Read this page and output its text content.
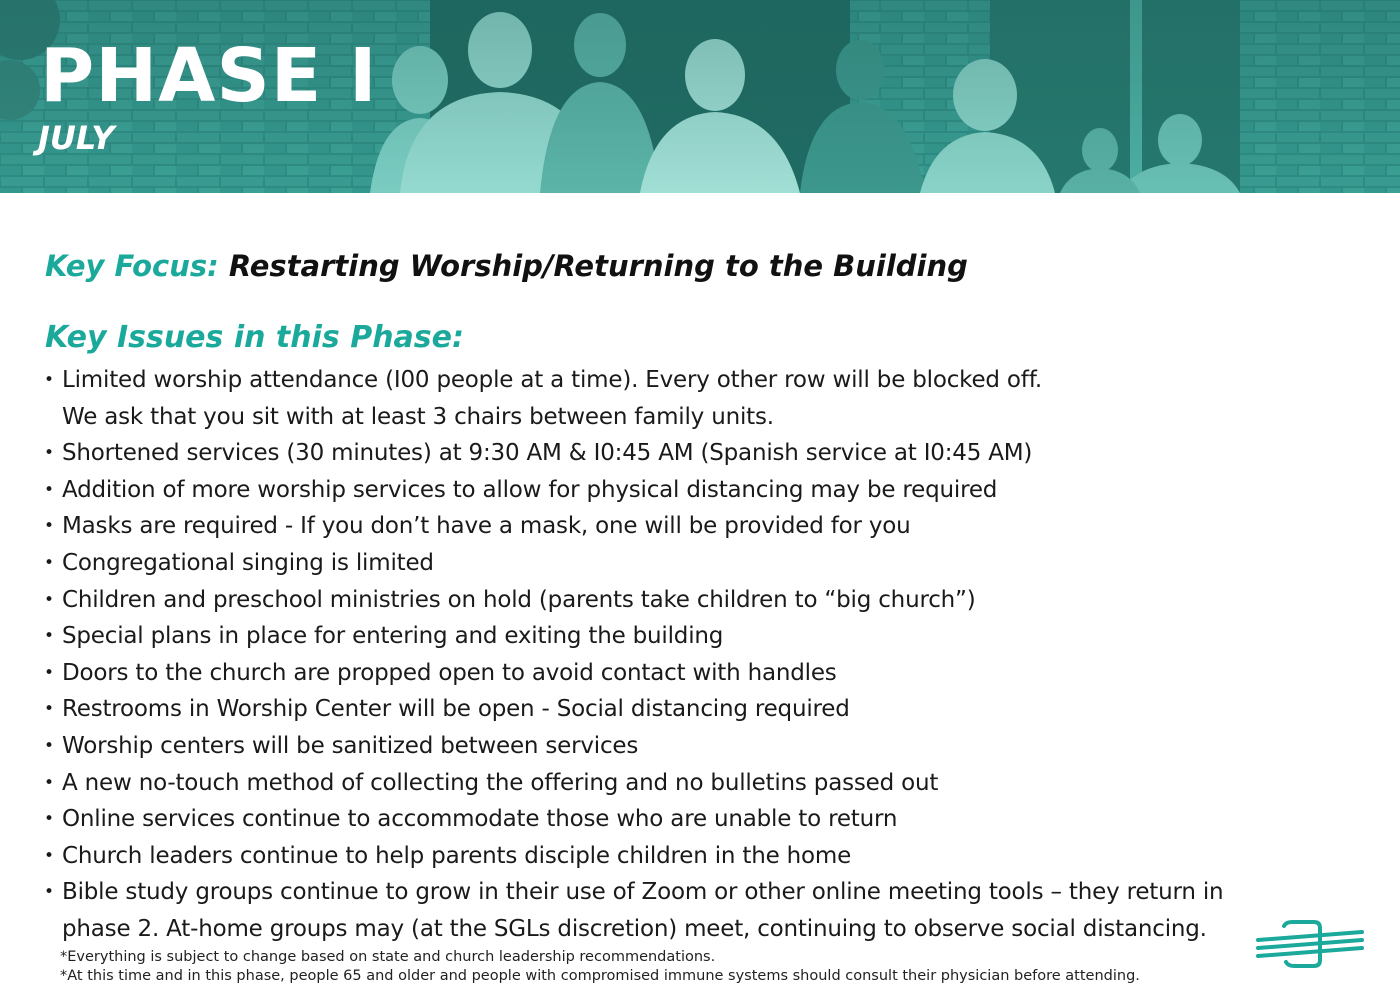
PHASE I
JULY

Key Focus: Restarting Worship/Returning to the Building

Key Issues in this Phase:
• Limited worship attendance (I00 people at a time). Every other row will be blocked off.
We ask that you sit with at least 3 chairs between family units.
• Shortened services (30 minutes) at 9:30 AM & I0:45 AM (Spanish service at I0:45 AM)
• Addition of more worship services to allow for physical distancing may be required
• Masks are required - If you don’t have a mask, one will be provided for you
• Congregational singing is limited
• Children and preschool ministries on hold (parents take children to “big church”)
• Special plans in place for entering and exiting the building
• Doors to the church are propped open to avoid contact with handles
• Restrooms in Worship Center will be open - Social distancing required
• Worship centers will be sanitized between services
• A new no-touch method of collecting the offering and no bulletins passed out
• Online services continue to accommodate those who are unable to return
• Church leaders continue to help parents disciple children in the home
• Bible study groups continue to grow in their use of Zoom or other online meeting tools – they return in
phase 2. At-home groups may (at the SGLs discretion) meet, continuing to observe social distancing.
*Everything is subject to change based on state and church leadership recommendations.
*At this time and in this phase, people 65 and older and people with compromised immune systems should consult their physician before attending.
